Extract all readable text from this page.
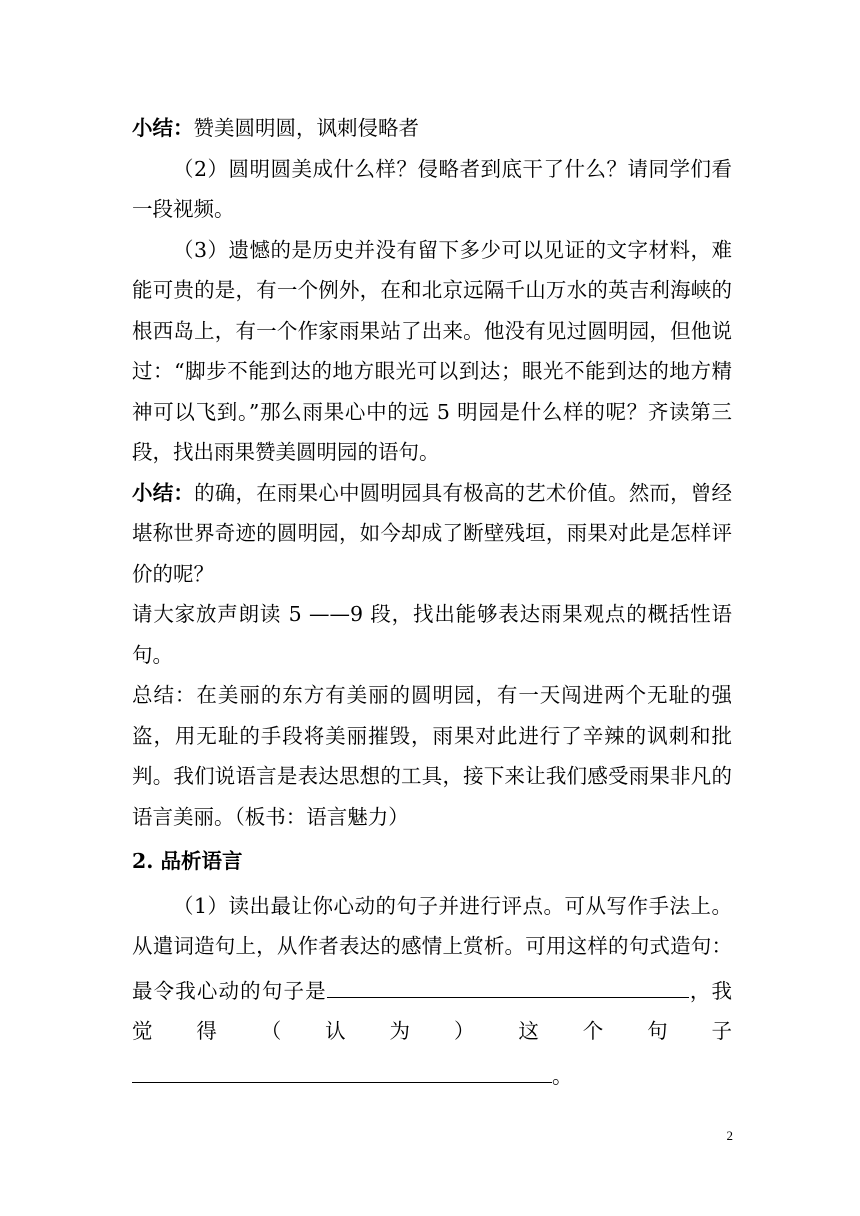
小结：赞美圆明圆，讽刺侵略者

（2）圆明圆美成什么样？侵略者到底干了什么？请同学们看一段视频。

（3）遗憾的是历史并没有留下多少可以见证的文字材料，难能可贵的是，有一个例外，在和北京远隔千山万水的英吉利海峡的根西岛上，有一个作家雨果站了出来。他没有见过圆明园，但他说过：“脚步不能到达的地方眼光可以到达；眼光不能到达的地方精神可以飞到。”那么雨果心中的远 5 明园是什么样的呢？齐读第三段，找出雨果赞美圆明园的语句。

小结：的确，在雨果心中圆明园具有极高的艺术价值。然而，曾经堪称世界奇迹的圆明园，如今却成了断壁残垣，雨果对此是怎样评价的呢？

请大家放声朗读 5 ——9 段，找出能够表达雨果观点的概括性语句。

总结：在美丽的东方有美丽的圆明园，有一天闯进两个无耻的强盗，用无耻的手段将美丽摧毁，雨果对此进行了辛辣的讽刺和批判。我们说语言是表达思想的工具，接下来让我们感受雨果非凡的语言美丽。（板书：语言魅力）

2. 品析语言

（1）读出最让你心动的句子并进行评点。可从写作手法上。从遣词造句上，从作者表达的感情上赏析。可用这样的句式造句：最令我心动的句子是	，我觉得（认为）这个句子。

2
